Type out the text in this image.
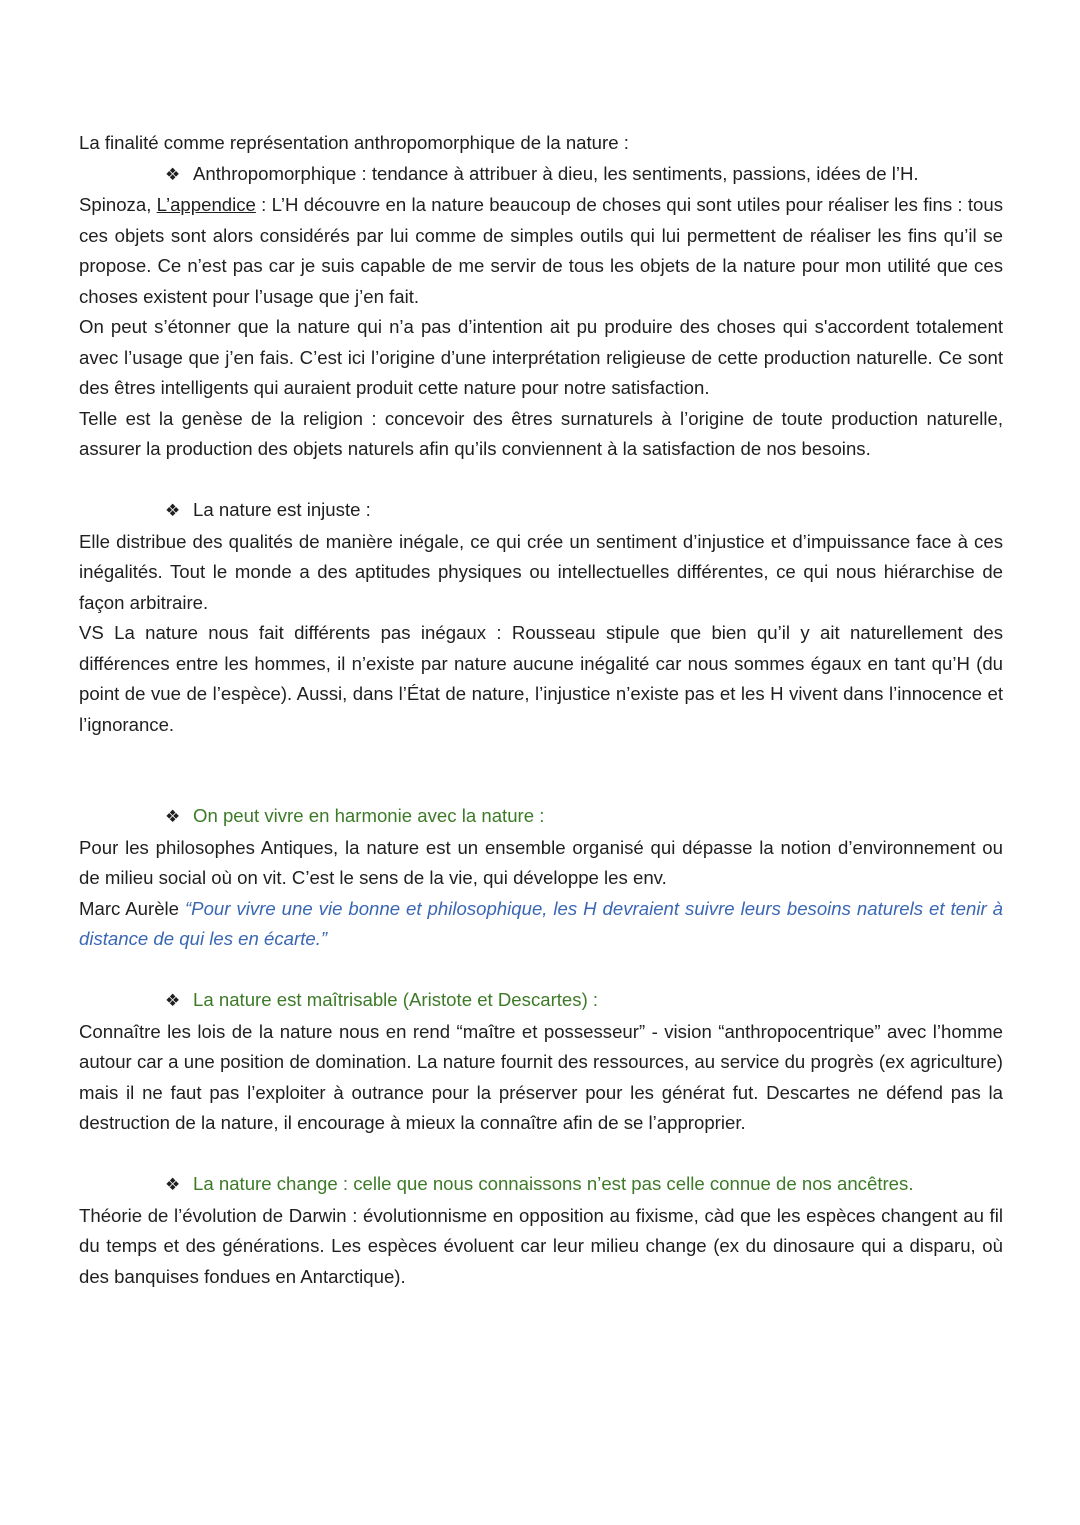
La finalité comme représentation anthropomorphique de la nature :

❖ Anthropomorphique : tendance à attribuer à dieu, les sentiments, passions, idées de l’H.

Spinoza, L’appendice : L’H découvre en la nature beaucoup de choses qui sont utiles pour réaliser les fins : tous ces objets sont alors considérés par lui comme de simples outils qui lui permettent de réaliser les fins qu’il se propose. Ce n’est pas car je suis capable de me servir de tous les objets de la nature pour mon utilité que ces choses existent pour l’usage que j’en fait.

On peut s’étonner que la nature qui n’a pas d’intention ait pu produire des choses qui s'accordent totalement avec l’usage que j’en fais. C’est ici l’origine d’une interprétation religieuse de cette production naturelle. Ce sont des êtres intelligents qui auraient produit cette nature pour notre satisfaction.

Telle est la genèse de la religion : concevoir des êtres surnaturels à l’origine de toute production naturelle, assurer la production des objets naturels afin qu’ils conviennent à la satisfaction de nos besoins.

❖ La nature est injuste :

Elle distribue des qualités de manière inégale, ce qui crée un sentiment d’injustice et d’impuissance face à ces inégalités. Tout le monde a des aptitudes physiques ou intellectuelles différentes, ce qui nous hiérarchise de façon arbitraire.

VS La nature nous fait différents pas inégaux : Rousseau stipule que bien qu’il y ait naturellement des différences entre les hommes, il n’existe par nature aucune inégalité car nous sommes égaux en tant qu’H (du point de vue de l’espèce). Aussi, dans l’État de nature, l’injustice n’existe pas et les H vivent dans l’innocence et l’ignorance.

❖ On peut vivre en harmonie avec la nature :

Pour les philosophes Antiques, la nature est un ensemble organisé qui dépasse la notion d’environnement ou de milieu social où on vit. C’est le sens de la vie, qui développe les env.

Marc Aurèle “Pour vivre une vie bonne et philosophique, les H devraient suivre leurs besoins naturels et tenir à distance de qui les en écarte.”

❖ La nature est maîtrisable (Aristote et Descartes) :

Connaître les lois de la nature nous en rend “maître et possesseur” - vision “anthropocentrique” avec l’homme autour car a une position de domination. La nature fournit des ressources, au service du progrès (ex agriculture) mais il ne faut pas l’exploiter à outrance pour la préserver pour les générat fut. Descartes ne défend pas la destruction de la nature, il encourage à mieux la connaître afin de se l’approprier.

❖ La nature change : celle que nous connaissons n’est pas celle connue de nos ancêtres.

Théorie de l’évolution de Darwin : évolutionnisme en opposition au fixisme, càd que les espèces changent au fil du temps et des générations. Les espèces évoluent car leur milieu change (ex du dinosaure qui a disparu, où des banquises fondues en Antarctique).
